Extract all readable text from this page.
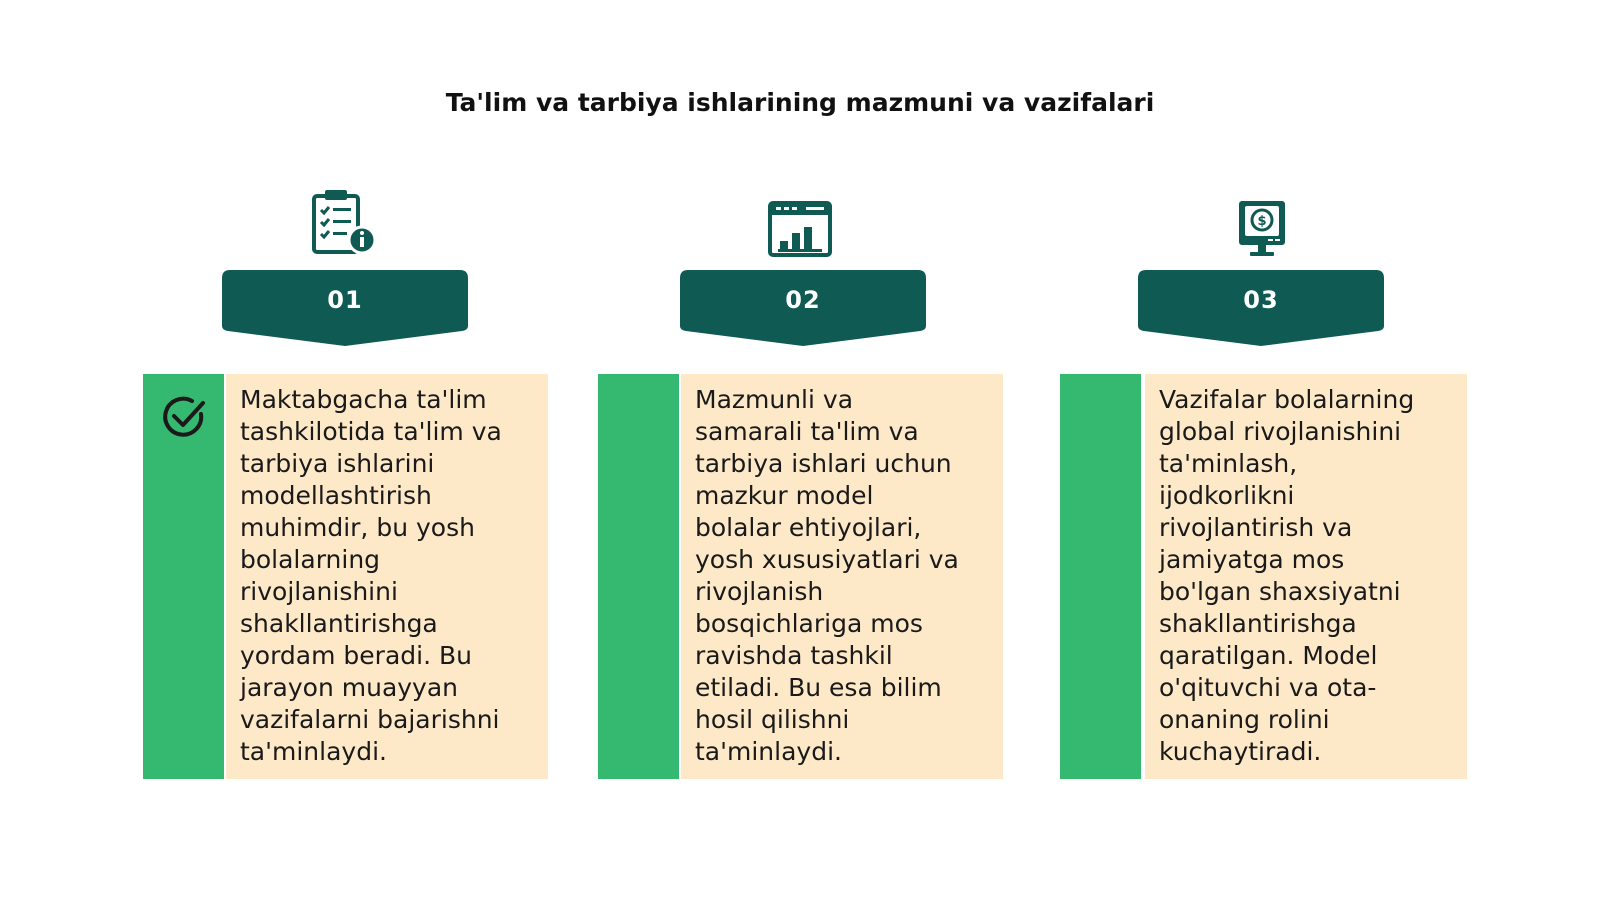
Ta'lim va tarbiya ishlarining mazmuni va vazifalari
01
Maktabgacha ta'lim
tashkilotida ta'lim va
tarbiya ishlarini
modellashtirish
muhimdir, bu yosh
bolalarning
rivojlanishini
shakllantirishga
yordam beradi. Bu
jarayon muayyan
vazifalarni bajarishni
ta'minlaydi.
02
Mazmunli va
samarali ta'lim va
tarbiya ishlari uchun
mazkur model
bolalar ehtiyojlari,
yosh xususiyatlari va
rivojlanish
bosqichlariga mos
ravishda tashkil
etiladi. Bu esa bilim
hosil qilishni
ta'minlaydi.
$
03
Vazifalar bolalarning
global rivojlanishini
ta'minlash,
ijodkorlikni
rivojlantirish va
jamiyatga mos
bo'lgan shaxsiyatni
shakllantirishga
qaratilgan. Model
o'qituvchi va ota-
onaning rolini
kuchaytiradi.
